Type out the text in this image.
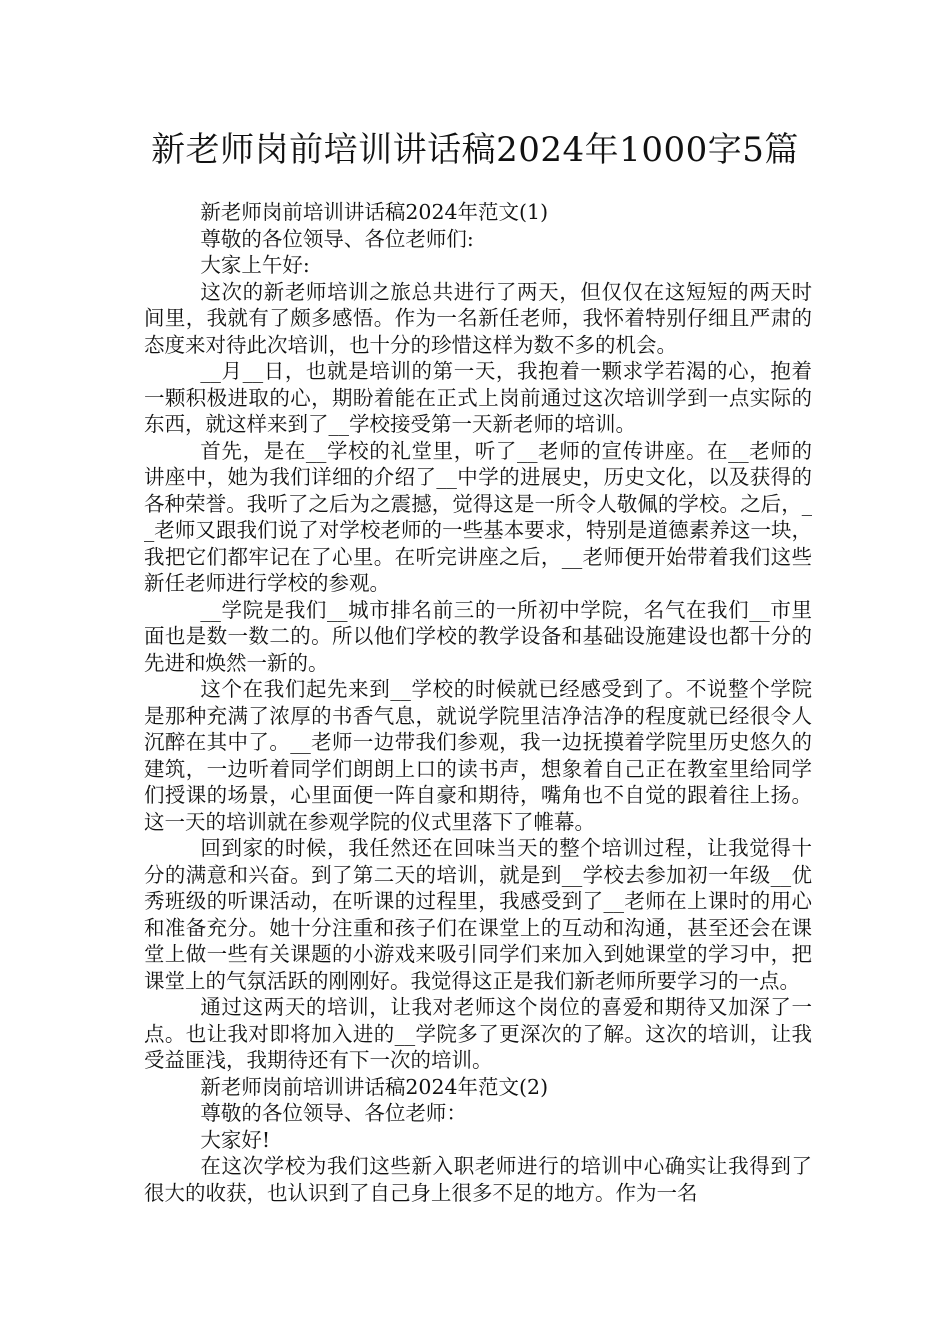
新老师岗前培训讲话稿2024年1000字5篇

新老师岗前培训讲话稿2024年范文(1)

尊敬的各位领导、各位老师们:

大家上午好:

这次的新老师培训之旅总共进行了两天，但仅仅在这短短的两天时间里，我就有了颇多感悟。作为一名新任老师，我怀着特别仔细且严肃的态度来对待此次培训，也十分的珍惜这样为数不多的机会。

__月__日，也就是培训的第一天，我抱着一颗求学若渴的心，抱着一颗积极进取的心，期盼着能在正式上岗前通过这次培训学到一点实际的东西，就这样来到了__学校接受第一天新老师的培训。

首先，是在__学校的礼堂里，听了__老师的宣传讲座。在__老师的讲座中，她为我们详细的介绍了__中学的进展史，历史文化，以及获得的各种荣誉。我听了之后为之震撼，觉得这是一所令人敬佩的学校。之后，__老师又跟我们说了对学校老师的一些基本要求，特别是道德素养这一块，我把它们都牢记在了心里。在听完讲座之后，__老师便开始带着我们这些新任老师进行学校的参观。

__学院是我们__城市排名前三的一所初中学院，名气在我们__市里面也是数一数二的。所以他们学校的教学设备和基础设施建设也都十分的先进和焕然一新的。

这个在我们起先来到__学校的时候就已经感受到了。不说整个学院是那种充满了浓厚的书香气息，就说学院里洁净洁净的程度就已经很令人沉醉在其中了。__老师一边带我们参观，我一边抚摸着学院里历史悠久的建筑，一边听着同学们朗朗上口的读书声，想象着自己正在教室里给同学们授课的场景，心里面便一阵自豪和期待，嘴角也不自觉的跟着往上扬。这一天的培训就在参观学院的仪式里落下了帷幕。

回到家的时候，我任然还在回味当天的整个培训过程，让我觉得十分的满意和兴奋。到了第二天的培训，就是到__学校去参加初一年级__优秀班级的听课活动，在听课的过程里，我感受到了__老师在上课时的用心和准备充分。她十分注重和孩子们在课堂上的互动和沟通，甚至还会在课堂上做一些有关课题的小游戏来吸引同学们来加入到她课堂的学习中，把课堂上的气氛活跃的刚刚好。我觉得这正是我们新老师所要学习的一点。

通过这两天的培训，让我对老师这个岗位的喜爱和期待又加深了一点。也让我对即将加入进的__学院多了更深次的了解。这次的培训，让我受益匪浅，我期待还有下一次的培训。

新老师岗前培训讲话稿2024年范文(2)

尊敬的各位领导、各位老师：

大家好!

在这次学校为我们这些新入职老师进行的培训中心确实让我得到了很大的收获，也认识到了自己身上很多不足的地方。作为一名
